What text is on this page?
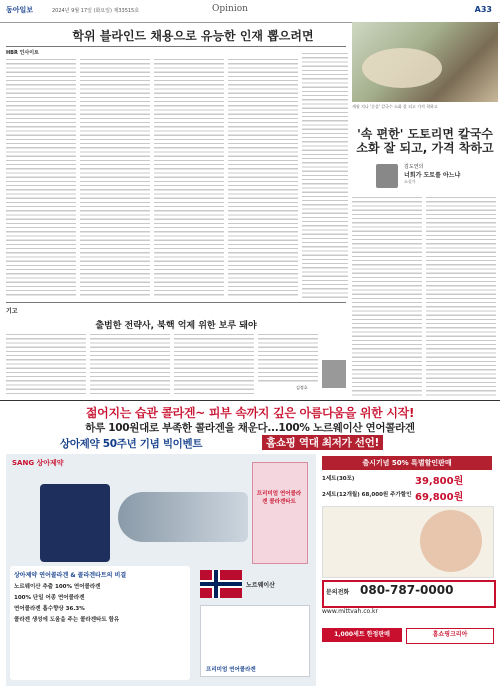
동아일보	2024년 9월 17일 (화요일) 제33515호	Opinion	A33
학위 블라인드 채용으로 유능한 인재 뽑으려면
HBR 인사이트
세월 지나 '순살' 칼국수 소화 잘 되고 가격 착하고
'속 편한' 도토리면 칼국수
소화 잘 되고, 가격 착하고
김도연의
너희가 도토를 아느냐
소설가
기고
출범한 전략사, 북핵 억제 위한 보루 돼야
김정호
젊어지는 습관 콜라겐~ 피부 속까지 깊은 아름다움을 위한 시작!
하루 100원대로 부족한 콜라겐을 채운다...100% 노르웨이산 연어콜라겐
상아제약 50주년 기념 빅이벤트	홈쇼핑 역대 최저가 선언!
SANG 상아제약
프리미엄 연어콜라겐 콜라겐타트
상아제약 연어콜라겐 & 콜라겐타트의 비결
노르웨이산 추출 100% 연어콜라겐
100% 단일 어종 연어콜라겐
연어콜라겐 흡수향상 36.3%
콜라겐 생성에 도움을 주는 콜라겐타트 함유
노르웨이산
프리미엄 연어콜라겐
출시기념 50% 특별할인판매
1세트(30포)	39,800원
2세트(12개월) 68,000원 주가할인 69,800원
문의전화 080-787-0000
www.mittvah.co.kr
1,000세트 한정판매	홈쇼핑크리아
